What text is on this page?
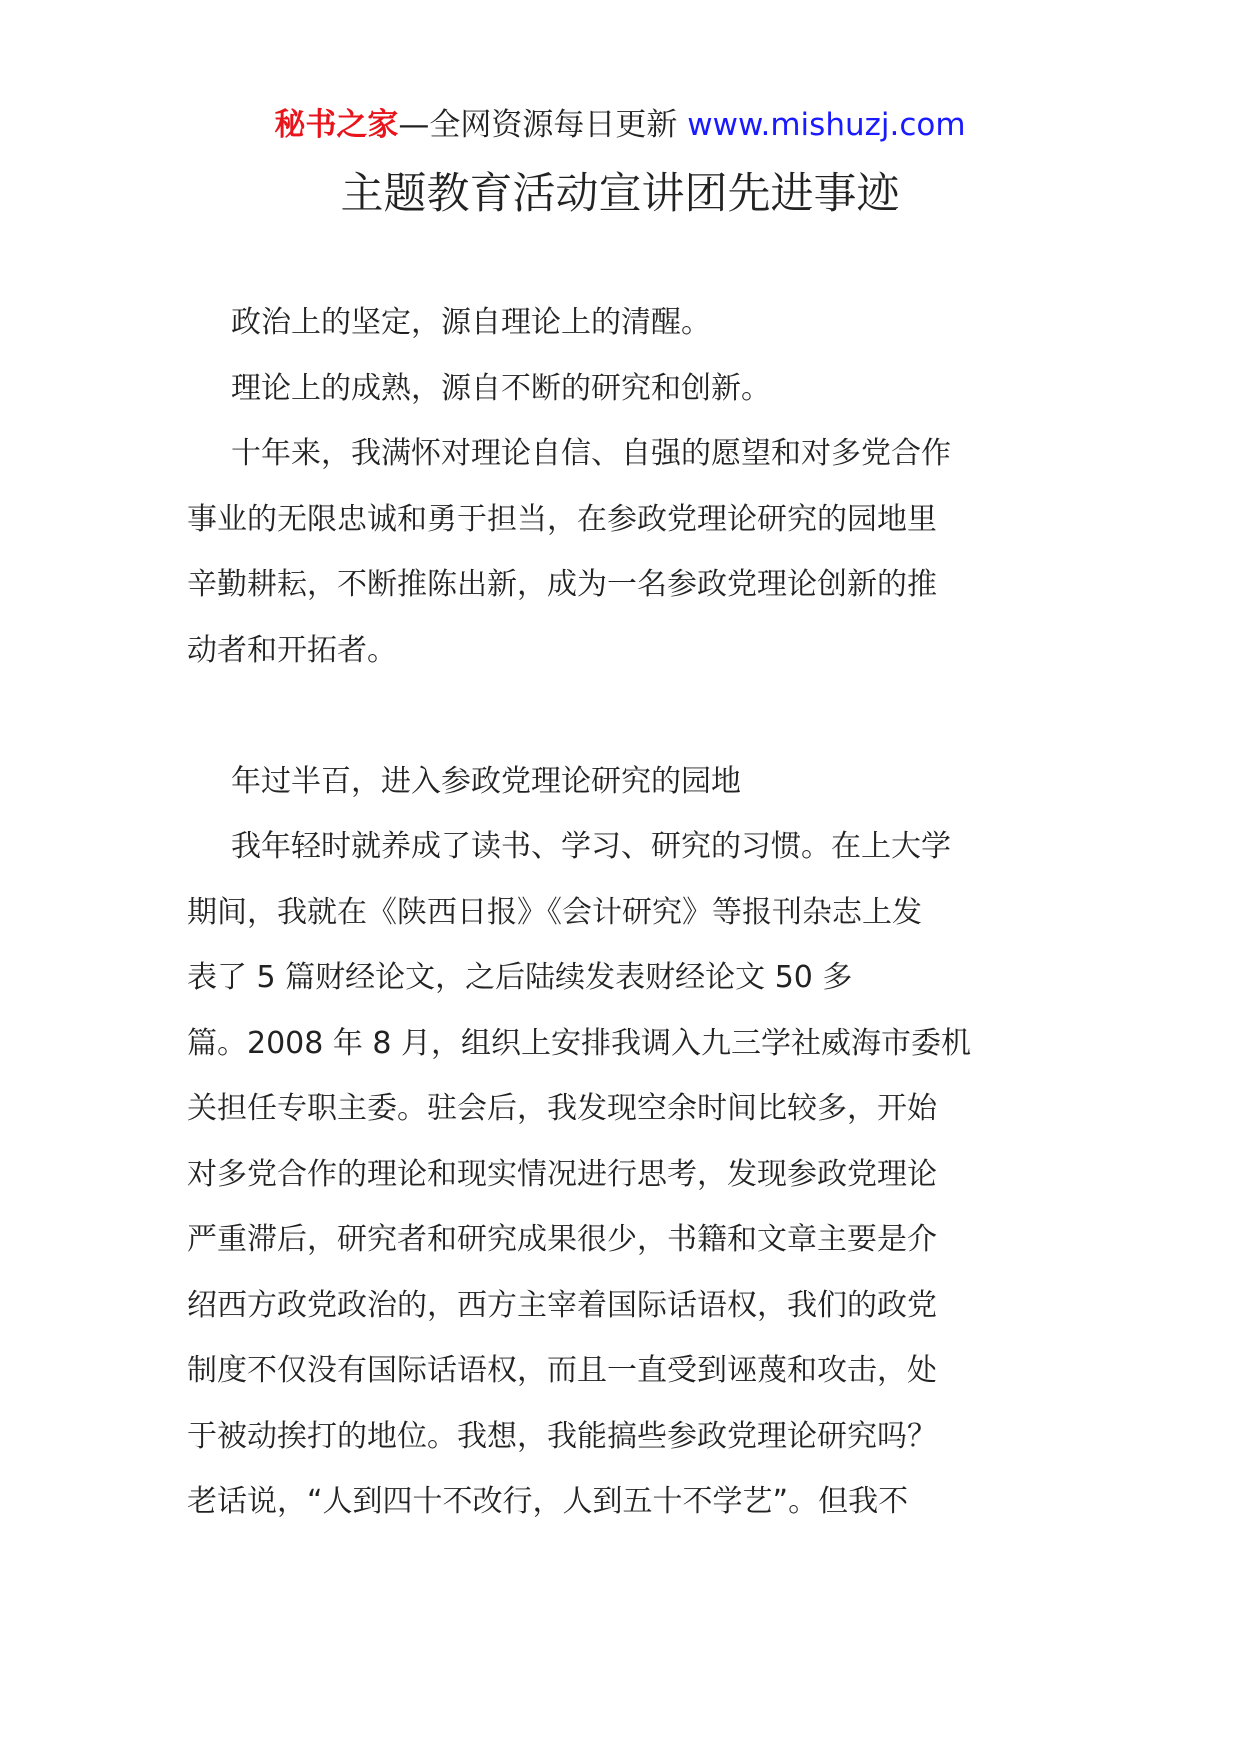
秘书之家—全网资源每日更新 www.mishuzj.com
主题教育活动宣讲团先进事迹
政治上的坚定，源自理论上的清醒。
理论上的成熟，源自不断的研究和创新。
十年来，我满怀对理论自信、自强的愿望和对多党合作
事业的无限忠诚和勇于担当，在参政党理论研究的园地里
辛勤耕耘，不断推陈出新，成为一名参政党理论创新的推
动者和开拓者。
年过半百，进入参政党理论研究的园地
我年轻时就养成了读书、学习、研究的习惯。在上大学
期间，我就在《陕西日报》《会计研究》等报刊杂志上发
表了 5 篇财经论文，之后陆续发表财经论文 50 多
篇。2008 年 8 月，组织上安排我调入九三学社威海市委机
关担任专职主委。驻会后，我发现空余时间比较多，开始
对多党合作的理论和现实情况进行思考，发现参政党理论
严重滞后，研究者和研究成果很少，书籍和文章主要是介
绍西方政党政治的，西方主宰着国际话语权，我们的政党
制度不仅没有国际话语权，而且一直受到诬蔑和攻击，处
于被动挨打的地位。我想，我能搞些参政党理论研究吗？
老话说，“人到四十不改行，人到五十不学艺”。但我不
